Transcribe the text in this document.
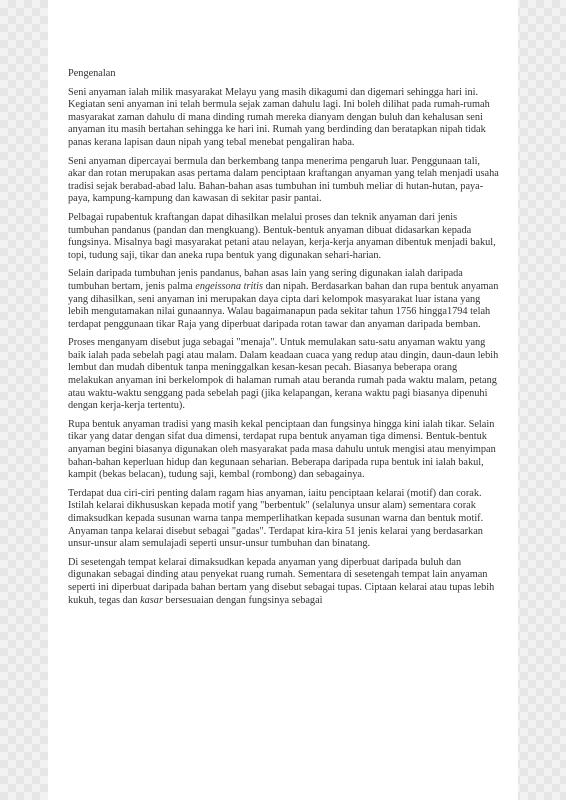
Pengenalan

Seni anyaman ialah milik masyarakat Melayu yang masih dikagumi dan digemari sehingga hari ini. Kegiatan seni anyaman ini telah bermula sejak zaman dahulu lagi. Ini boleh dilihat pada rumah-rumah masyarakat zaman dahulu di mana dinding rumah mereka dianyam dengan buluh dan kehalusan seni anyaman itu masih bertahan sehingga ke hari ini. Rumah yang berdinding dan beratapkan nipah tidak panas kerana lapisan daun nipah yang tebal menebat pengaliran haba.

Seni anyaman dipercayai bermula dan berkembang tanpa menerima pengaruh luar. Penggunaan tali, akar dan rotan merupakan asas pertama dalam penciptaan kraftangan anyaman yang telah menjadi usaha tradisi sejak berabad-abad lalu. Bahan-bahan asas tumbuhan ini tumbuh meliar di hutan-hutan, paya-paya, kampung-kampung dan kawasan di sekitar pasir pantai.

Pelbagai rupabentuk kraftangan dapat dihasilkan melalui proses dan teknik anyaman dari jenis tumbuhan pandanus (pandan dan mengkuang). Bentuk-bentuk anyaman dibuat didasarkan kepada fungsinya. Misalnya bagi masyarakat petani atau nelayan, kerja-kerja anyaman dibentuk menjadi bakul, topi, tudung saji, tikar dan aneka rupa bentuk yang digunakan sehari-harian.

Selain daripada tumbuhan jenis pandanus, bahan asas lain yang sering digunakan ialah daripada tumbuhan bertam, jenis palma engeissona tritis dan nipah. Berdasarkan bahan dan rupa bentuk anyaman yang dihasilkan, seni anyaman ini merupakan daya cipta dari kelompok masyarakat luar istana yang lebih mengutamakan nilai gunaannya. Walau bagaimanapun pada sekitar tahun 1756 hingga1794 telah terdapat penggunaan tikar Raja yang diperbuat daripada rotan tawar dan anyaman daripada bemban.

Proses menganyam disebut juga sebagai "menaja". Untuk memulakan satu-satu anyaman waktu yang baik ialah pada sebelah pagi atau malam. Dalam keadaan cuaca yang redup atau dingin, daun-daun lebih lembut dan mudah dibentuk tanpa meninggalkan kesan-kesan pecah. Biasanya beberapa orang melakukan anyaman ini berkelompok di halaman rumah atau beranda rumah pada waktu malam, petang atau waktu-waktu senggang pada sebelah pagi (jika kelapangan, kerana waktu pagi biasanya dipenuhi dengan kerja-kerja tertentu).

Rupa bentuk anyaman tradisi yang masih kekal penciptaan dan fungsinya hingga kini ialah tikar. Selain tikar yang datar dengan sifat dua dimensi, terdapat rupa bentuk anyaman tiga dimensi. Bentuk-bentuk anyaman begini biasanya digunakan oleh masyarakat pada masa dahulu untuk mengisi atau menyimpan bahan-bahan keperluan hidup dan kegunaan seharian. Beberapa daripada rupa bentuk ini ialah bakul, kampit (bekas belacan), tudung saji, kembal (rombong) dan sebagainya.

Terdapat dua ciri-ciri penting dalam ragam hias anyaman, iaitu penciptaan kelarai (motif) dan corak. Istilah kelarai dikhususkan kepada motif yang "berbentuk" (selalunya unsur alam) sementara corak dimaksudkan kepada susunan warna tanpa memperlihatkan kepada susunan warna dan bentuk motif. Anyaman tanpa kelarai disebut sebagai "gadas". Terdapat kira-kira 51 jenis kelarai yang berdasarkan unsur-unsur alam semulajadi seperti unsur-unsur tumbuhan dan binatang.

Di sesetengah tempat kelarai dimaksudkan kepada anyaman yang diperbuat daripada buluh dan digunakan sebagai dinding atau penyekat ruang rumah. Sementara di sesetengah tempat lain anyaman seperti ini diperbuat daripada bahan bertam yang disebut sebagai tupas. Ciptaan kelarai atau tupas lebih kukuh, tegas dan kasar bersesuaian dengan fungsinya sebagai
